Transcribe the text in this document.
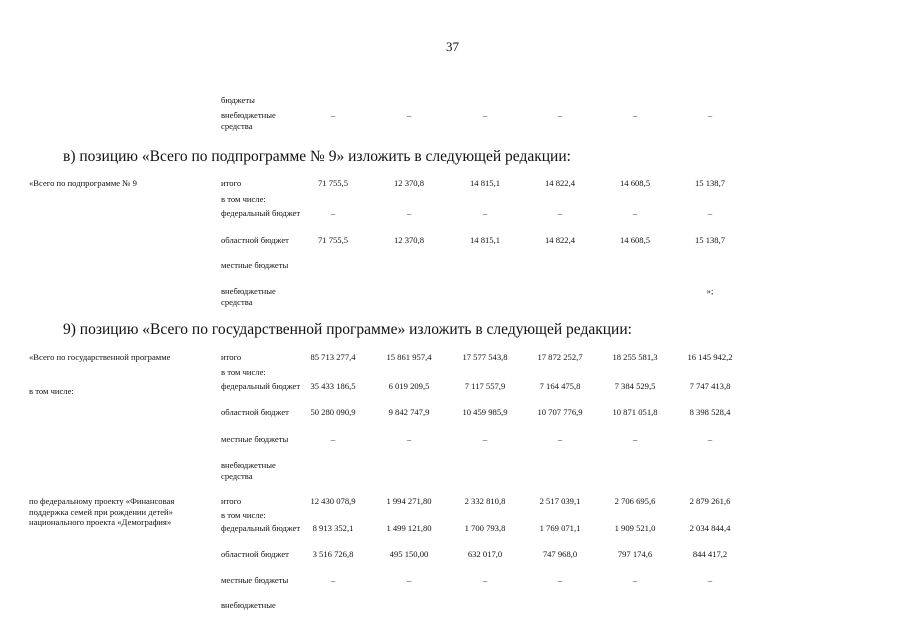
37
бюджеты
внебюджетные средства
–	–	–	–	–	–
в) позицию «Всего по подпрограмме № 9» изложить в следующей редакции:
«Всего по подпрограмме № 9	итого	71 755,5	12 370,8	14 815,1	14 822,4	14 608,5	15 138,7
в том числе:
федеральный бюджет	–	–	–	–	–	–
областной бюджет	71 755,5	12 370,8	14 815,1	14 822,4	14 608,5	15 138,7
местные бюджеты
внебюджетные средства
»;
9) позицию «Всего по государственной программе» изложить в следующей редакции:
«Всего по государственной программе
в том числе:
итого	85 713 277,4	15 861 957,4	17 577 543,8	17 872 252,7	18 255 581,3	16 145 942,2
в том числе:
федеральный бюджет	35 433 186,5	6 019 209,5	7 117 557,9	7 164 475,8	7 384 529,5	7 747 413,8
областной бюджет	50 280 090,9	9 842 747,9	10 459 985,9	10 707 776,9	10 871 051,8	8 398 528,4
местные бюджеты	–	–	–	–	–	–
внебюджетные средства
по федеральному проекту «Финансовая поддержка семей при рождении детей» национального проекта «Демография»
итого	12 430 078,9	1 994 271,80	2 332 810,8	2 517 039,1	2 706 695,6	2 879 261,6
в том числе:
федеральный бюджет	8 913 352,1	1 499 121,80	1 700 793,8	1 769 071,1	1 909 521,0	2 034 844,4
областной бюджет	3 516 726,8	495 150,00	632 017,0	747 968,0	797 174,6	844 417,2
местные бюджеты	–	–	–	–	–	–
внебюджетные
